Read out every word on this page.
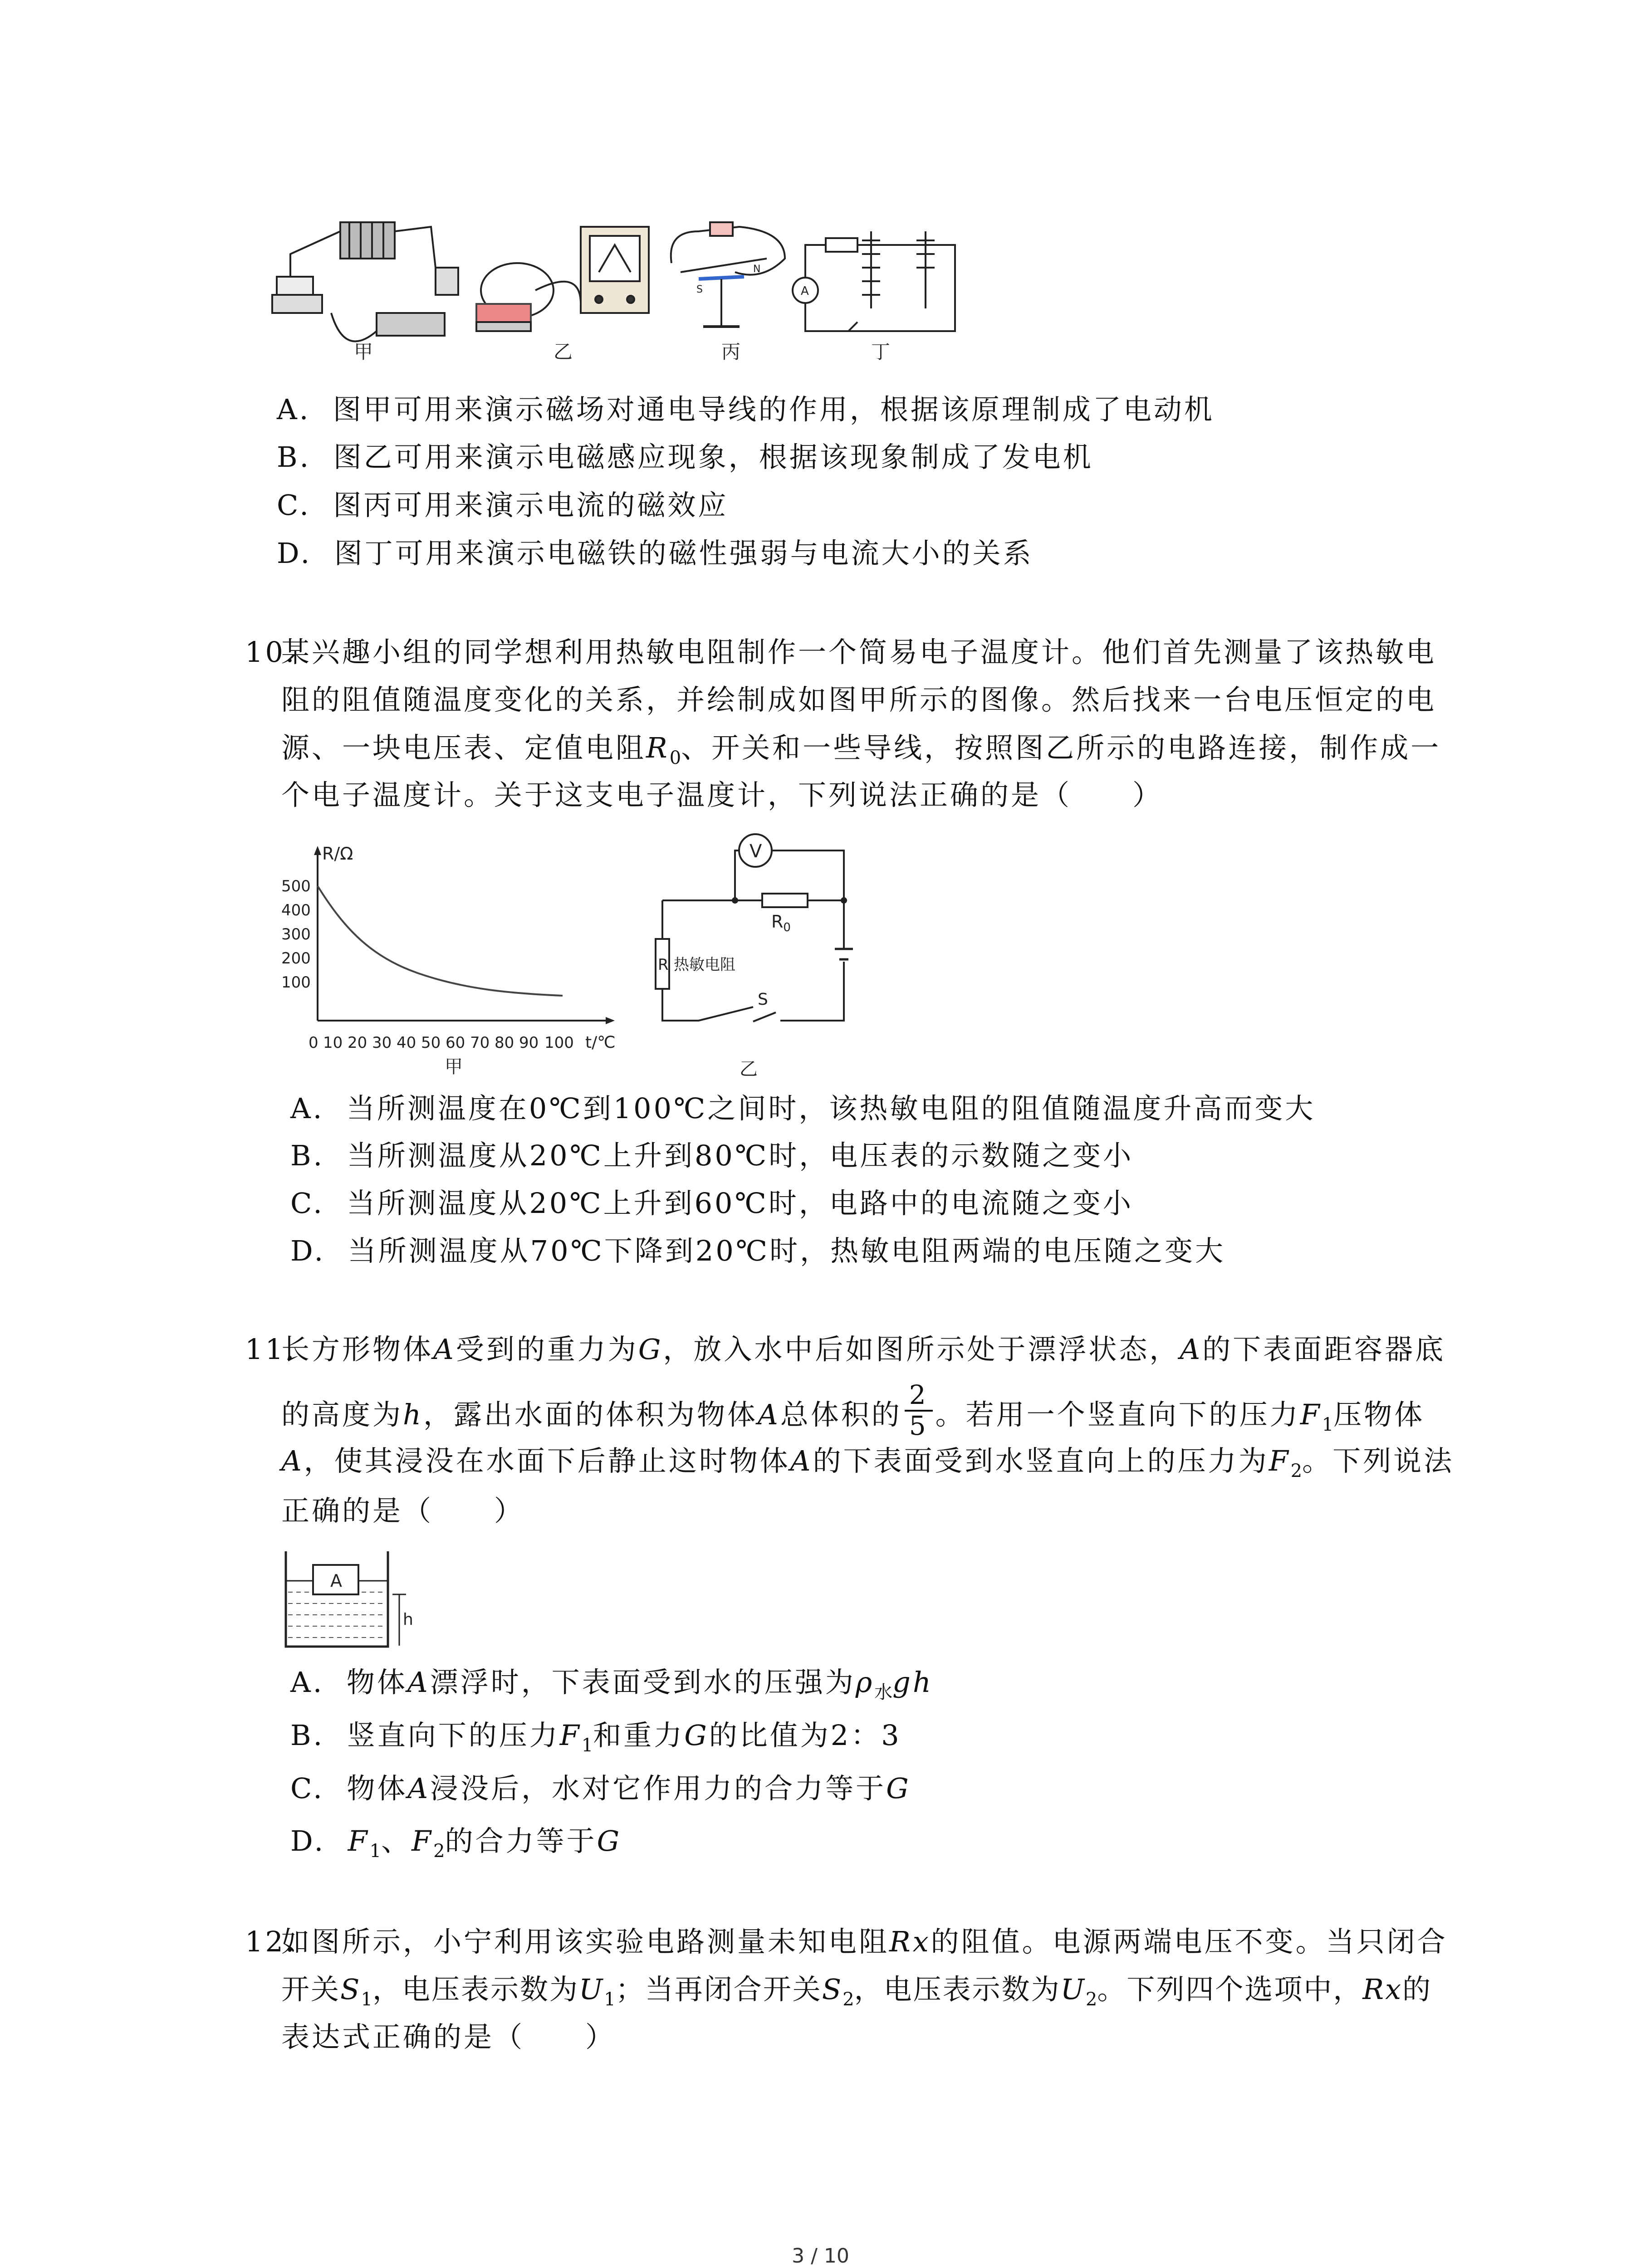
S
N
A
甲	乙	丙	丁
A. 图甲可用来演示磁场对通电导线的作用，根据该原理制成了电动机
B. 图乙可用来演示电磁感应现象，根据该现象制成了发电机
C. 图丙可用来演示电流的磁效应
D. 图丁可用来演示电磁铁的磁性强弱与电流大小的关系
10.
某兴趣小组的同学想利用热敏电阻制作一个简易电子温度计。他们首先测量了该热敏电
阻的阻值随温度变化的关系，并绘制成如图甲所示的图像。然后找来一台电压恒定的电
源、一块电压表、定值电阻$R_0$、开关和一些导线，按照图乙所示的电路连接，制作成一
个电子温度计。关于这支电子温度计，下列说法正确的是（　　）
R/Ω
500
400
300
200
100
0 10 20 30 40 50 60 70 80 90 100 t/℃
甲
V
$R_0$
R 热敏电阻
S
乙
A. 当所测温度在0℃到100℃之间时，该热敏电阻的阻值随温度升高而变大
B. 当所测温度从20℃上升到80℃时，电压表的示数随之变小
C. 当所测温度从20℃上升到60℃时，电路中的电流随之变小
D. 当所测温度从70℃下降到20℃时，热敏电阻两端的电压随之变大
11.
长方形物体A受到的重力为G，放入水中后如图所示处于漂浮状态，A的下表面距容器底
的高度为h，露出水面的体积为物体A总体积的 $\frac{2}{5}$ 。若用一个竖直向下的压力$F_1$压物体
A，使其浸没在水面下后静止这时物体A的下表面受到水竖直向上的压力为$F_2$。下列说法
正确的是（　　）
A
h
A. 物体A漂浮时，下表面受到水的压强为$\rho_水gh$
B. 竖直向下的压力$F_1$和重力G的比值为2：3
C. 物体A浸没后，水对它作用力的合力等于G
D. $F_1$、$F_2$的合力等于G
12.
如图所示，小宁利用该实验电路测量未知电阻Rx的阻值。电源两端电压不变。当只闭合
开关$S_1$，电压表示数为$U_1$；当再闭合开关$S_2$，电压表示数为$U_2$。下列四个选项中，Rx的
表达式正确的是（　　）
3 / 10
